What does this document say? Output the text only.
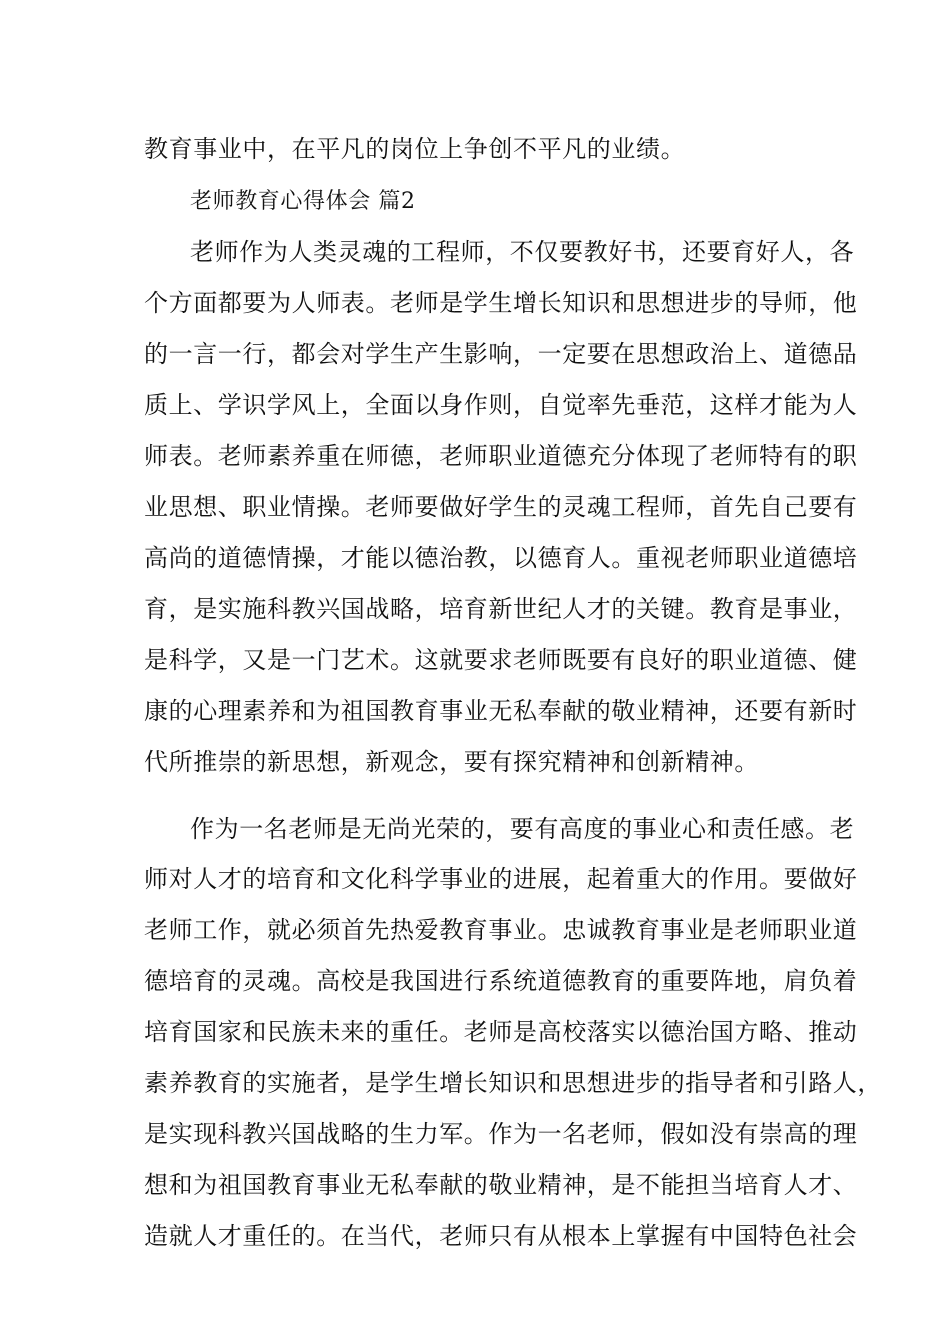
教育事业中，在平凡的岗位上争创不平凡的业绩。
老师教育心得体会 篇2
老师作为人类灵魂的工程师，不仅要教好书，还要育好人，各
个方面都要为人师表。老师是学生增长知识和思想进步的导师，他
的一言一行，都会对学生产生影响，一定要在思想政治上、道德品
质上、学识学风上，全面以身作则，自觉率先垂范，这样才能为人
师表。老师素养重在师德，老师职业道德充分体现了老师特有的职
业思想、职业情操。老师要做好学生的灵魂工程师，首先自己要有
高尚的道德情操，才能以德治教，以德育人。重视老师职业道德培
育，是实施科教兴国战略，培育新世纪人才的关键。教育是事业，
是科学，又是一门艺术。这就要求老师既要有良好的职业道德、健
康的心理素养和为祖国教育事业无私奉献的敬业精神，还要有新时
代所推崇的新思想，新观念，要有探究精神和创新精神。
作为一名老师是无尚光荣的，要有高度的事业心和责任感。老
师对人才的培育和文化科学事业的进展，起着重大的作用。要做好
老师工作，就必须首先热爱教育事业。忠诚教育事业是老师职业道
德培育的灵魂。高校是我国进行系统道德教育的重要阵地，肩负着
培育国家和民族未来的重任。老师是高校落实以德治国方略、推动
素养教育的实施者，是学生增长知识和思想进步的指导者和引路人，
是实现科教兴国战略的生力军。作为一名老师，假如没有崇高的理
想和为祖国教育事业无私奉献的敬业精神，是不能担当培育人才、
造就人才重任的。在当代，老师只有从根本上掌握有中国特色社会
